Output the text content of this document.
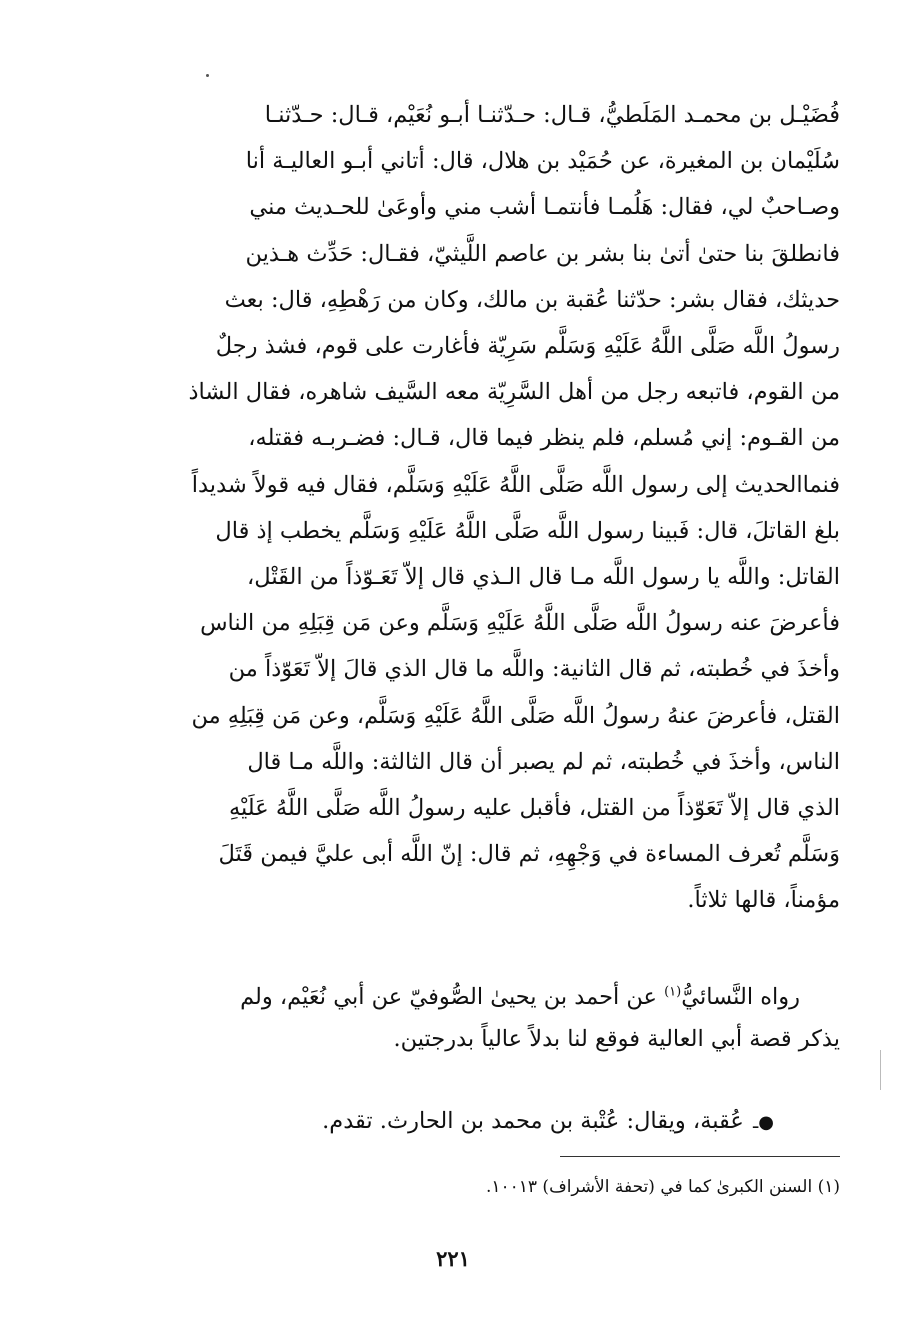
فُضَيْـل بن محمـد المَلَطيُّ، قـال: حـدّثنـا أبـو نُعَيْم، قـال: حـدّثنـا

سُلَيْمان بن المغيرة، عن حُمَيْد بن هلال، قال: أتاني أبـو العاليـة أنا

وصـاحبٌ لي، فقال: هَلُمـا فأنتمـا أشب مني وأوعَىٰ للحـديث مني

فانطلقَ بنا حتىٰ أتىٰ بنا بشر بن عاصم اللَّيثيّ، فقـال: حَدِّث هـذين

حديثك، فقال بشر: حدّثنا عُقبة بن مالك، وكان من رَهْطِهِ، قال: بعث

رسولُ اللَّه صَلَّى اللَّهُ عَلَيْهِ وَسَلَّم سَرِيّة فأغارت على قوم، فشذ رجلٌ

من القوم، فاتبعه رجل من أهل السَّرِيّة معه السَّيف شاهره، فقال الشاذ

من القـوم: إني مُسلم، فلم ينظر فيما قال، قـال: فضـربـه فقتله،

فنماالحديث إلى رسول اللَّه صَلَّى اللَّهُ عَلَيْهِ وَسَلَّم، فقال فيه قولاً شديداً

بلغ القاتلَ، قال: فَبينا رسول اللَّه صَلَّى اللَّهُ عَلَيْهِ وَسَلَّم يخطب إذ قال

القاتل: واللَّه يا رسول اللَّه مـا قال الـذي قال إلاّ تَعَـوّذاً من القَتْل،

فأعرضَ عنه رسولُ اللَّه صَلَّى اللَّهُ عَلَيْهِ وَسَلَّم وعن مَن قِبَلِهِ من الناس

وأخذَ في خُطبته، ثم قال الثانية: واللَّه ما قال الذي قالَ إلاّ تَعَوّذاً من

القتل، فأعرضَ عنهُ رسولُ اللَّه صَلَّى اللَّهُ عَلَيْهِ وَسَلَّم، وعن مَن قِبَلِهِ من

الناس، وأخذَ في خُطبته، ثم لم يصبر أن قال الثالثة: واللَّه مـا قال

الذي قال إلاّ تَعَوّذاً من القتل، فأقبل عليه رسولُ اللَّه صَلَّى اللَّهُ عَلَيْهِ

وَسَلَّم تُعرف المساءة في وَجْهِهِ، ثم قال: إنّ اللَّه أبى عليَّ فيمن قَتَلَ

مؤمناً، قالها ثلاثاً.

رواه النَّسائيُّ$^{(١)}$ عن أحمد بن يحيىٰ الصُّوفيّ عن أبي نُعَيْم، ولم

يذكر قصة أبي العالية فوقع لنا بدلاً عالياً بدرجتين.

●ـ عُقبة، ويقال: عُتْبة بن محمد بن الحارث. تقدم.
(١) السنن الكبرىٰ كما في (تحفة الأشراف) ١٠٠١٣.
٢٢١
